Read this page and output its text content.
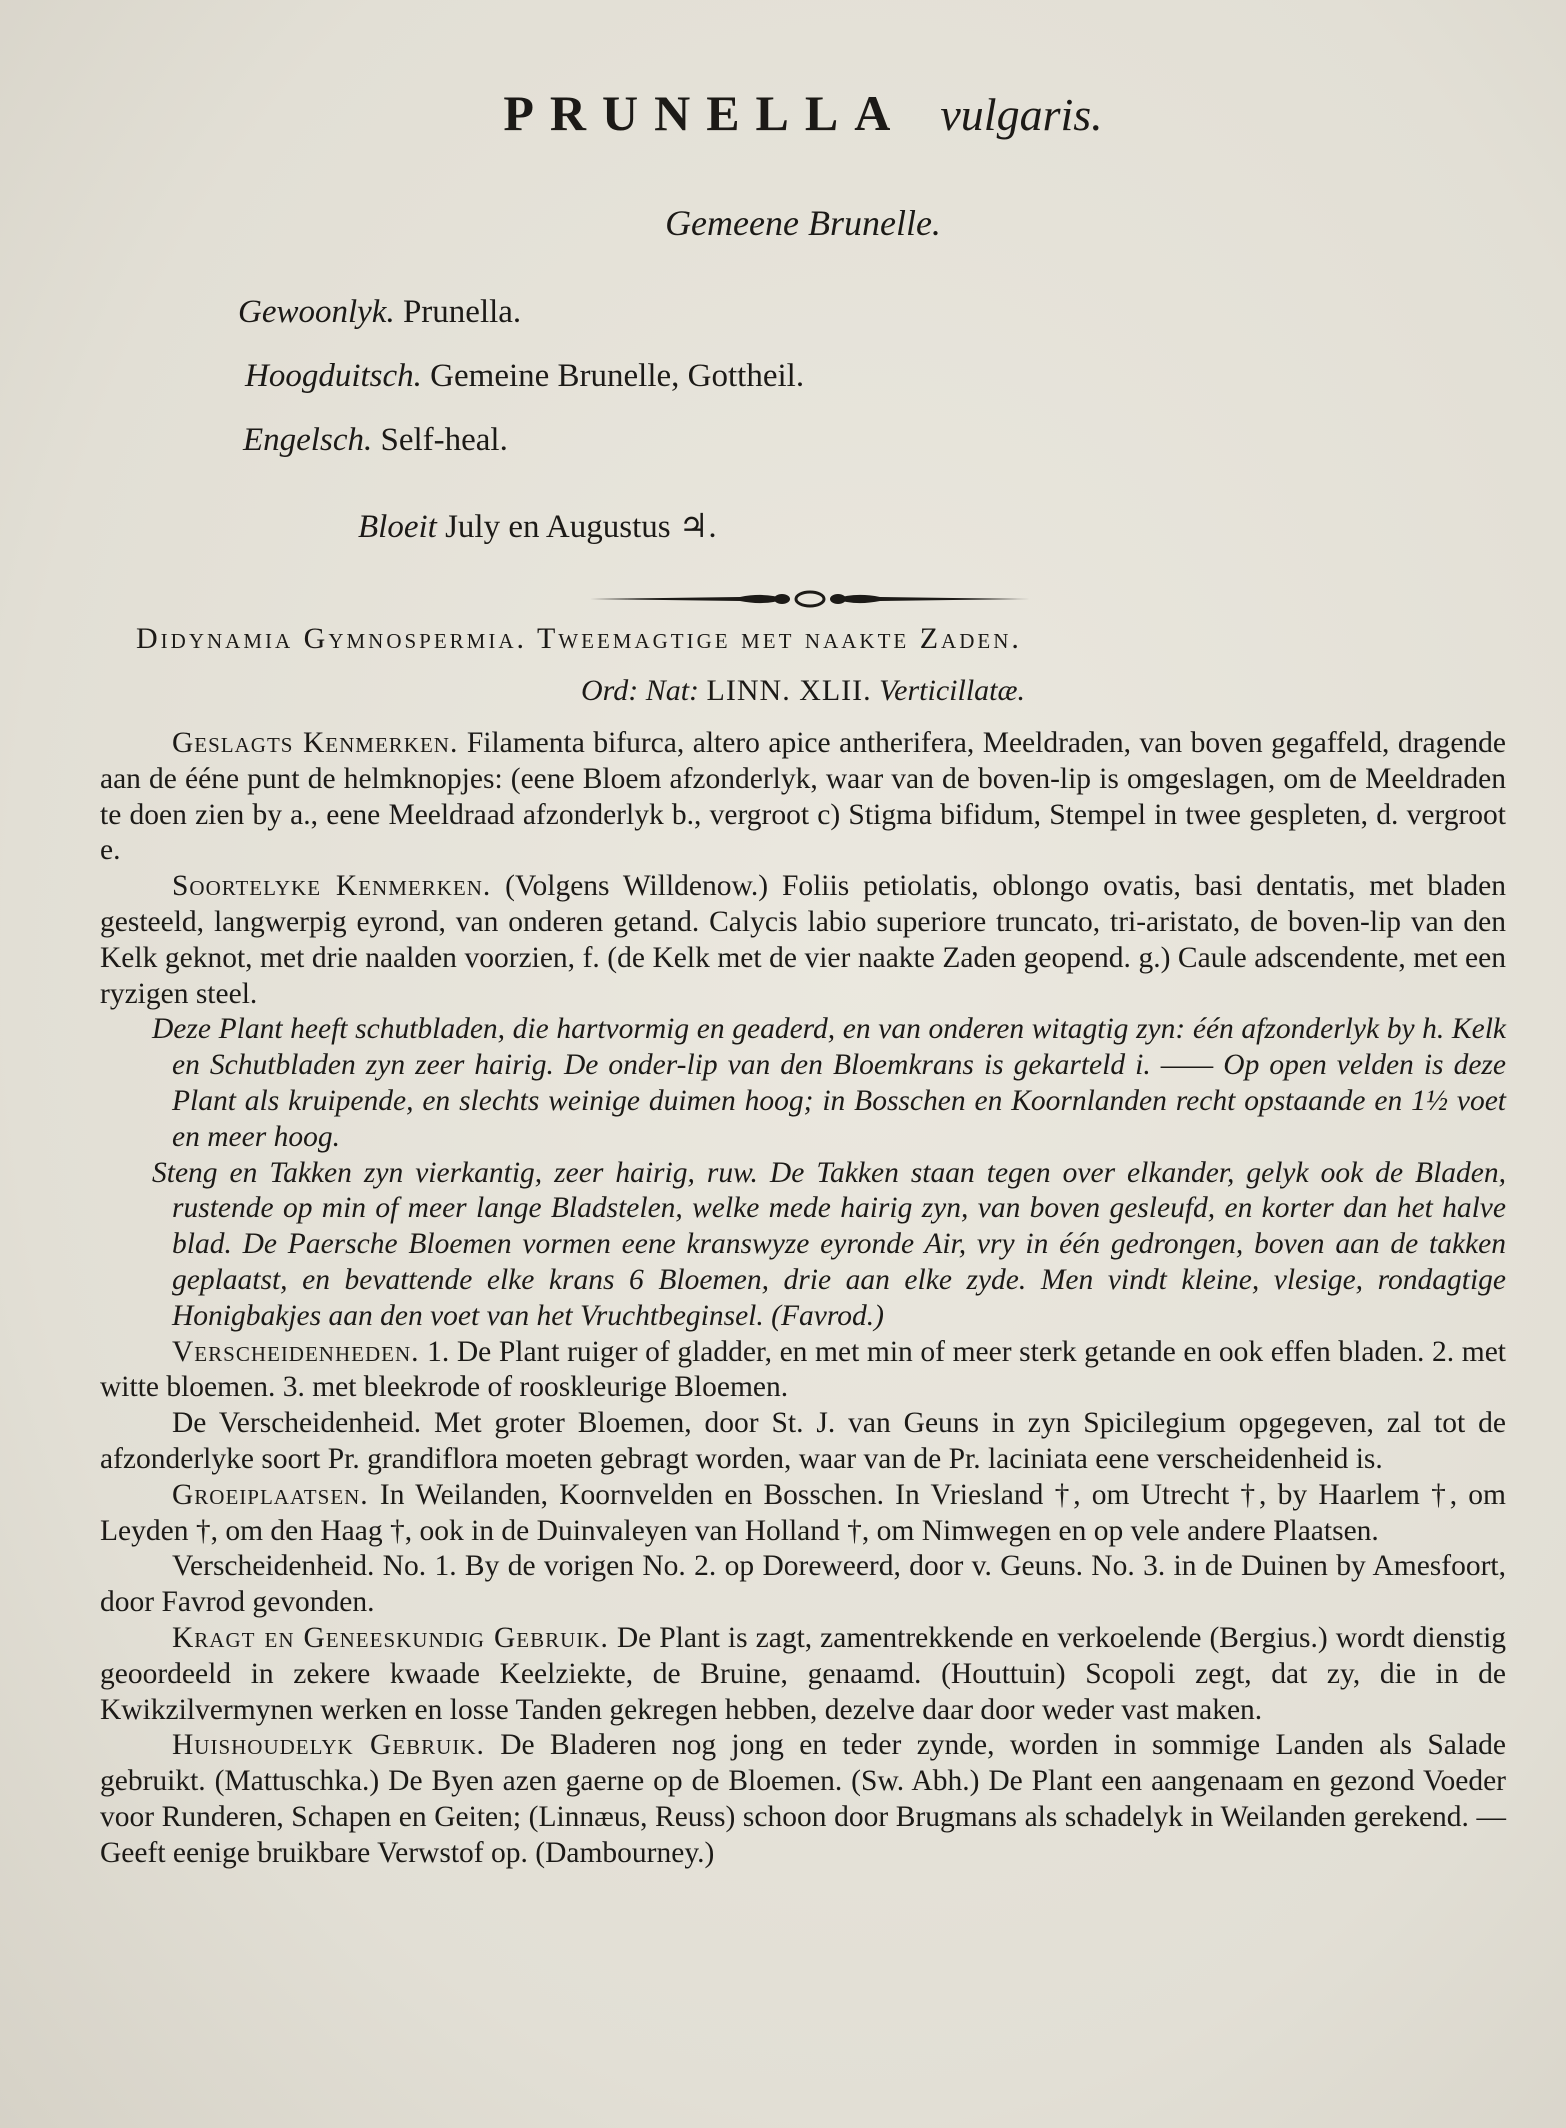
PRUNELLA vulgaris.
Gemeene Brunelle.
Gewoonlyk. Prunella.
Hoogduitsch. Gemeine Brunelle, Gottheil.
Engelsch. Self-heal.
Bloeit July en Augustus ♃.
Didynamia Gymnospermia. Tweemagtige met naakte Zaden.
Ord: Nat: LINN. XLII. Verticillatæ.

Geslagts Kenmerken. Filamenta bifurca, altero apice antherifera, Meeldraden, van boven gegaffeld, dragende aan de ééne punt de helmknopjes: (eene Bloem afzonderlyk, waar van de boven-lip is omgeslagen, om de Meeldraden te doen zien by a., eene Meeldraad afzonderlyk b., vergroot c) Stigma bifidum, Stempel in twee gespleten, d. vergroot e.

Soortelyke Kenmerken. (Volgens Willdenow.) Foliis petiolatis, oblongo ovatis, basi dentatis, met bladen gesteeld, langwerpig eyrond, van onderen getand. Calycis labio superiore truncato, tri-aristato, de boven-lip van den Kelk geknot, met drie naalden voorzien, f. (de Kelk met de vier naakte Zaden geopend. g.) Caule adscendente, met een ryzigen steel.

Deze Plant heeft schutbladen, die hartvormig en geaderd, en van onderen witagtig zyn: één afzonderlyk by h. Kelk en Schutbladen zyn zeer hairig. De onder-lip van den Bloemkrans is gekarteld i. —— Op open velden is deze Plant als kruipende, en slechts weinige duimen hoog; in Bosschen en Koornlanden recht opstaande en 1½ voet en meer hoog.

Steng en Takken zyn vierkantig, zeer hairig, ruw. De Takken staan tegen over elkander, gelyk ook de Bladen, rustende op min of meer lange Bladstelen, welke mede hairig zyn, van boven gesleufd, en korter dan het halve blad. De Paersche Bloemen vormen eene kranswyze eyronde Air, vry in één gedrongen, boven aan de takken geplaatst, en bevattende elke krans 6 Bloemen, drie aan elke zyde. Men vindt kleine, vlesige, rondagtige Honigbakjes aan den voet van het Vruchtbeginsel. (Favrod.)

Verscheidenheden. 1. De Plant ruiger of gladder, en met min of meer sterk getande en ook effen bladen. 2. met witte bloemen. 3. met bleekrode of rooskleurige Bloemen.

De Verscheidenheid. Met groter Bloemen, door St. J. van Geuns in zyn Spicilegium opgegeven, zal tot de afzonderlyke soort Pr. grandiflora moeten gebragt worden, waar van de Pr. laciniata eene verscheidenheid is.

Groeiplaatsen. In Weilanden, Koornvelden en Bosschen. In Vriesland †, om Utrecht †, by Haarlem †, om Leyden †, om den Haag †, ook in de Duinvaleyen van Holland †, om Nimwegen en op vele andere Plaatsen.

Verscheidenheid. No. 1. By de vorigen No. 2. op Doreweerd, door v. Geuns. No. 3. in de Duinen by Amesfoort, door Favrod gevonden.

Kragt en Geneeskundig Gebruik. De Plant is zagt, zamentrekkende en verkoelende (Bergius.) wordt dienstig geoordeeld in zekere kwaade Keelziekte, de Bruine, genaamd. (Houttuin) Scopoli zegt, dat zy, die in de Kwikzilvermynen werken en losse Tanden gekregen hebben, dezelve daar door weder vast maken.

Huishoudelyk Gebruik. De Bladeren nog jong en teder zynde, worden in sommige Landen als Salade gebruikt. (Mattuschka.) De Byen azen gaerne op de Bloemen. (Sw. Abh.) De Plant een aangenaam en gezond Voeder voor Runderen, Schapen en Geiten; (Linnæus, Reuss) schoon door Brugmans als schadelyk in Weilanden gerekend. — Geeft eenige bruikbare Verwstof op. (Dambourney.)
